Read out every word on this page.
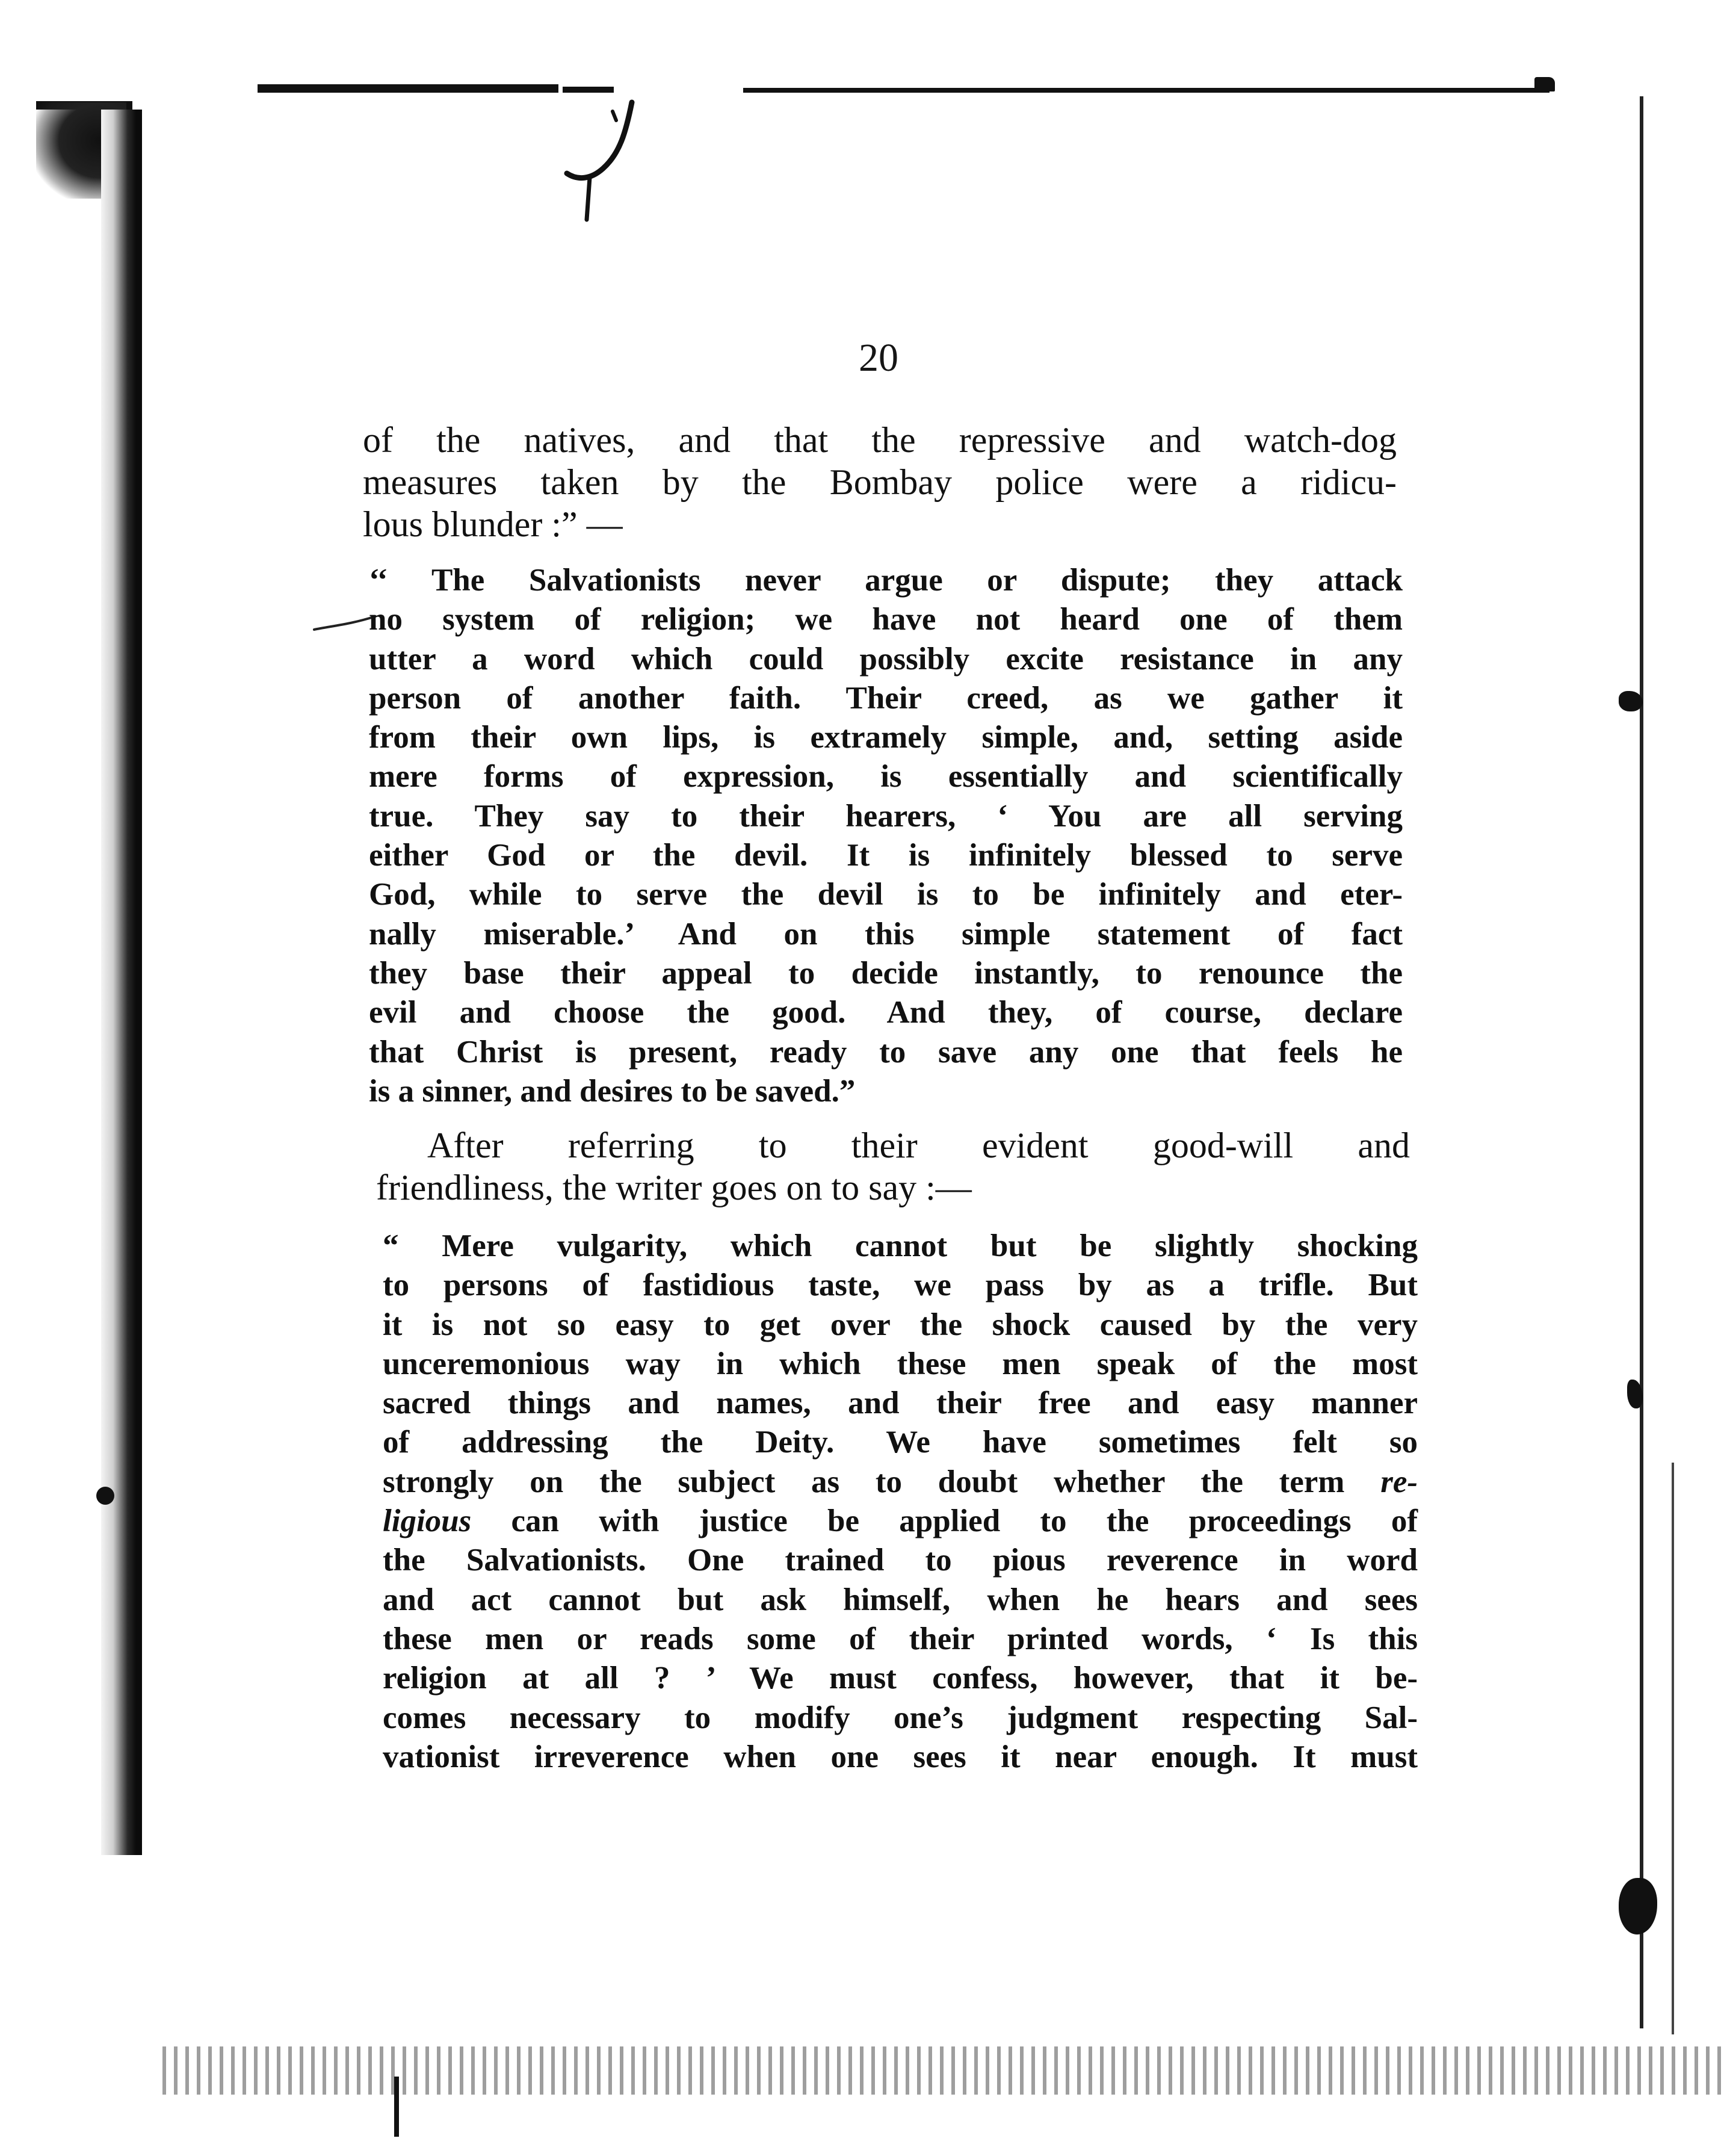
20
of the natives, and that the repressive and watch-dog
measures taken by the Bombay police were a ridicu-
lous blunder :” —
‘‘ The Salvationists never argue or dispute; they attack
no system of religion; we have not heard one of them
utter a word which could possibly excite resistance in any
person of another faith. Their creed, as we gather it
from their own lips, is extramely simple, and, setting aside
mere forms of expression, is essentially and scientifically
true. They say to their hearers, ‘ You are all serving
either God or the devil. It is infinitely blessed to serve
God, while to serve the devil is to be infinitely and eter-
nally miserable.’ And on this simple statement of fact
they base their appeal to decide instantly, to renounce the
evil and choose the good. And they, of course, declare
that Christ is present, ready to save any one that feels he
is a sinner, and desires to be saved.”
After referring to their evident good-will and
friendliness, the writer goes on to say :—
“ Mere vulgarity, which cannot but be slightly shocking
to persons of fastidious taste, we pass by as a trifle. But
it is not so easy to get over the shock caused by the very
unceremonious way in which these men speak of the most
sacred things and names, and their free and easy manner
of addressing the Deity. We have sometimes felt so
strongly on the subject as to doubt whether the term re-
ligious can with justice be applied to the proceedings of
the Salvationists. One trained to pious reverence in word
and act cannot but ask himself, when he hears and sees
these men or reads some of their printed words, ‘ Is this
religion at all ? ’ We must confess, however, that it be-
comes necessary to modify one’s judgment respecting Sal-
vationist irreverence when one sees it near enough. It must
